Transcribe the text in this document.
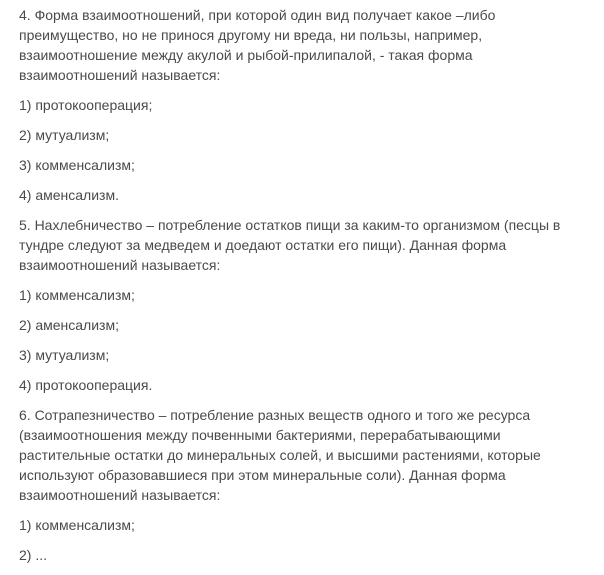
4. Форма взаимоотношений, при которой один вид получает какое –либо
преимущество, но не принося другому ни вреда, ни пользы, например,
взаимоотношение между акулой и рыбой-прилипалой, - такая форма
взаимоотношений называется:

1) протокооперация;

2) мутуализм;

3) комменсализм;

4) аменсализм.

5. Нахлебничество – потребление остатков пищи за каким-то организмом (песцы в
тундре следуют за медведем и доедают остатки его пищи). Данная форма
взаимоотношений называется:

1) комменсализм;

2) аменсализм;

3) мутуализм;

4) протокооперация.

6. Сотрапезничество – потребление разных веществ одного и того же ресурса
(взаимоотношения между почвенными бактериями, перерабатывающими
растительные остатки до минеральных солей, и высшими растениями, которые
используют образовавшиеся при этом минеральные соли). Данная форма
взаимоотношений называется:

1) комменсализм;

2) ...
